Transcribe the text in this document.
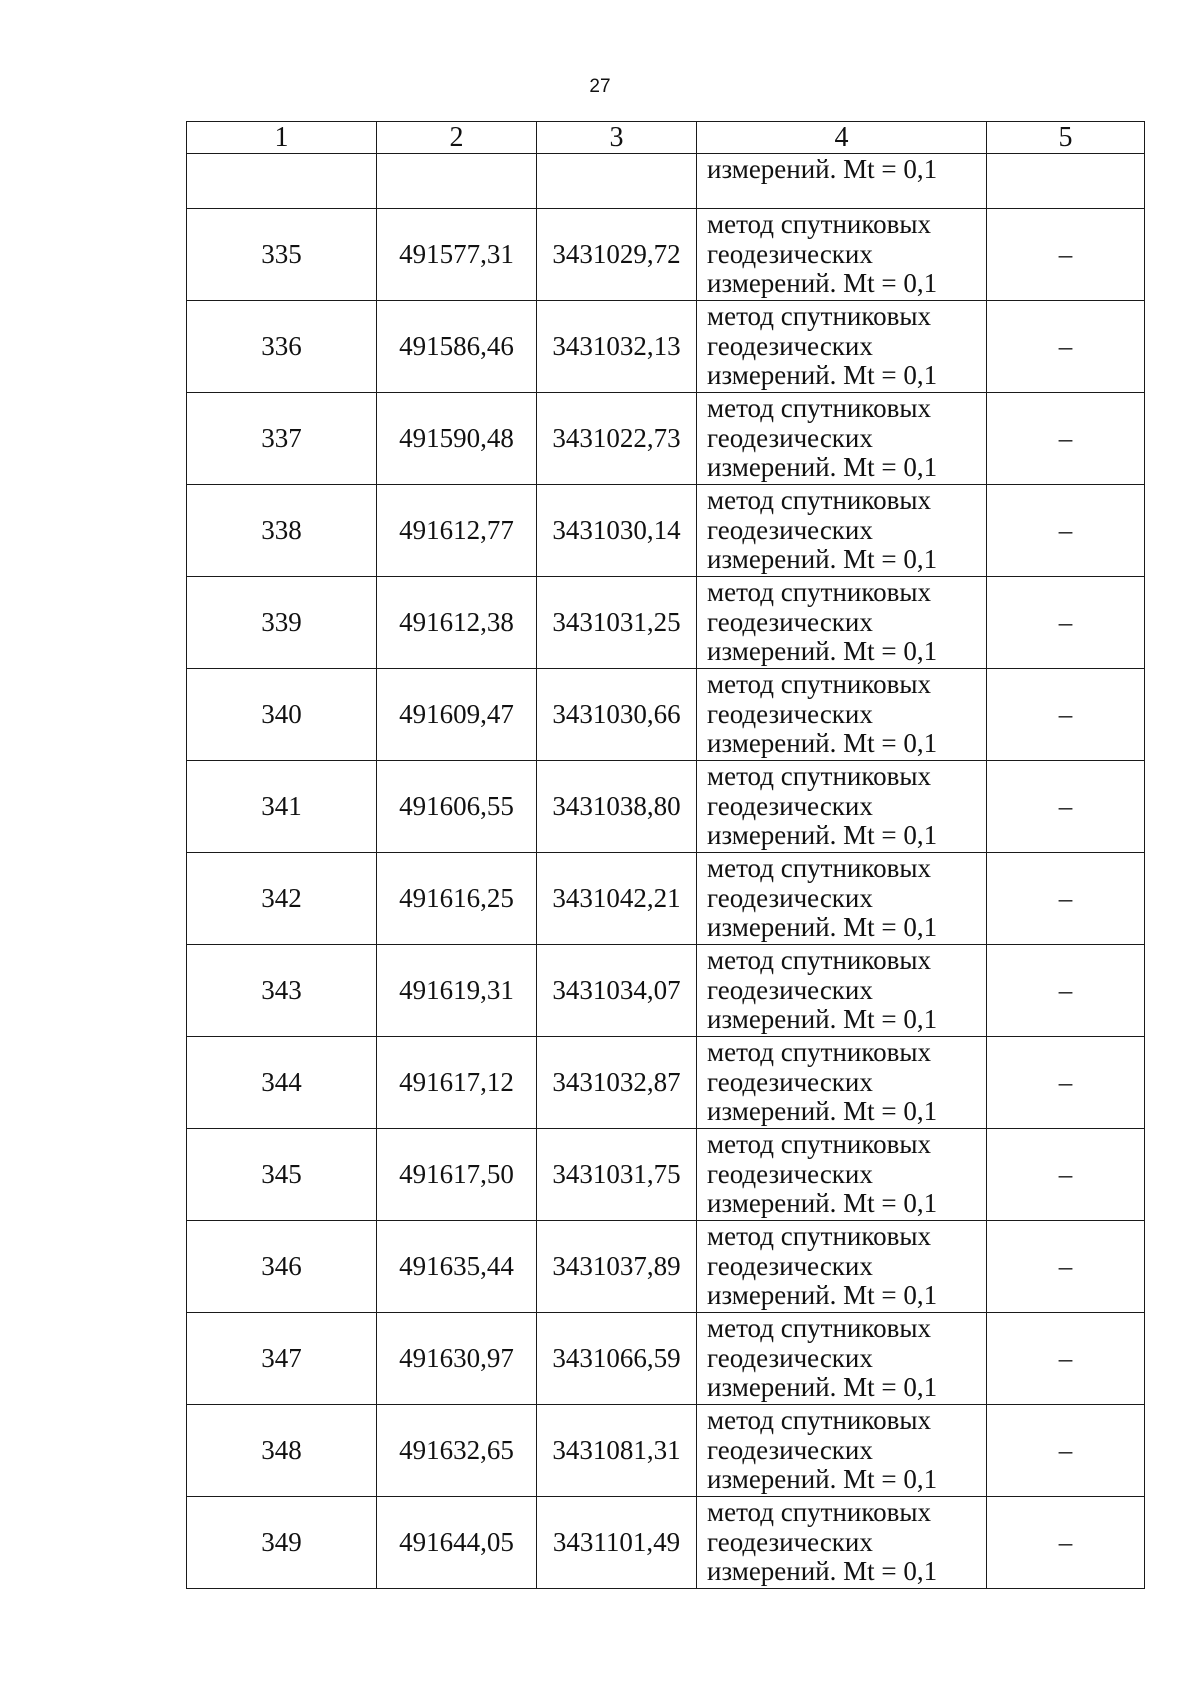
27
1	2	3	4	5
			измерений. Mt = 0,1	
335	491577,31	3431029,72	метод спутниковых
геодезических
измерений. Mt = 0,1	–
336	491586,46	3431032,13	метод спутниковых
геодезических
измерений. Mt = 0,1	–
337	491590,48	3431022,73	метод спутниковых
геодезических
измерений. Mt = 0,1	–
338	491612,77	3431030,14	метод спутниковых
геодезических
измерений. Mt = 0,1	–
339	491612,38	3431031,25	метод спутниковых
геодезических
измерений. Mt = 0,1	–
340	491609,47	3431030,66	метод спутниковых
геодезических
измерений. Mt = 0,1	–
341	491606,55	3431038,80	метод спутниковых
геодезических
измерений. Mt = 0,1	–
342	491616,25	3431042,21	метод спутниковых
геодезических
измерений. Mt = 0,1	–
343	491619,31	3431034,07	метод спутниковых
геодезических
измерений. Mt = 0,1	–
344	491617,12	3431032,87	метод спутниковых
геодезических
измерений. Mt = 0,1	–
345	491617,50	3431031,75	метод спутниковых
геодезических
измерений. Mt = 0,1	–
346	491635,44	3431037,89	метод спутниковых
геодезических
измерений. Mt = 0,1	–
347	491630,97	3431066,59	метод спутниковых
геодезических
измерений. Mt = 0,1	–
348	491632,65	3431081,31	метод спутниковых
геодезических
измерений. Mt = 0,1	–
349	491644,05	3431101,49	метод спутниковых
геодезических
измерений. Mt = 0,1	–
